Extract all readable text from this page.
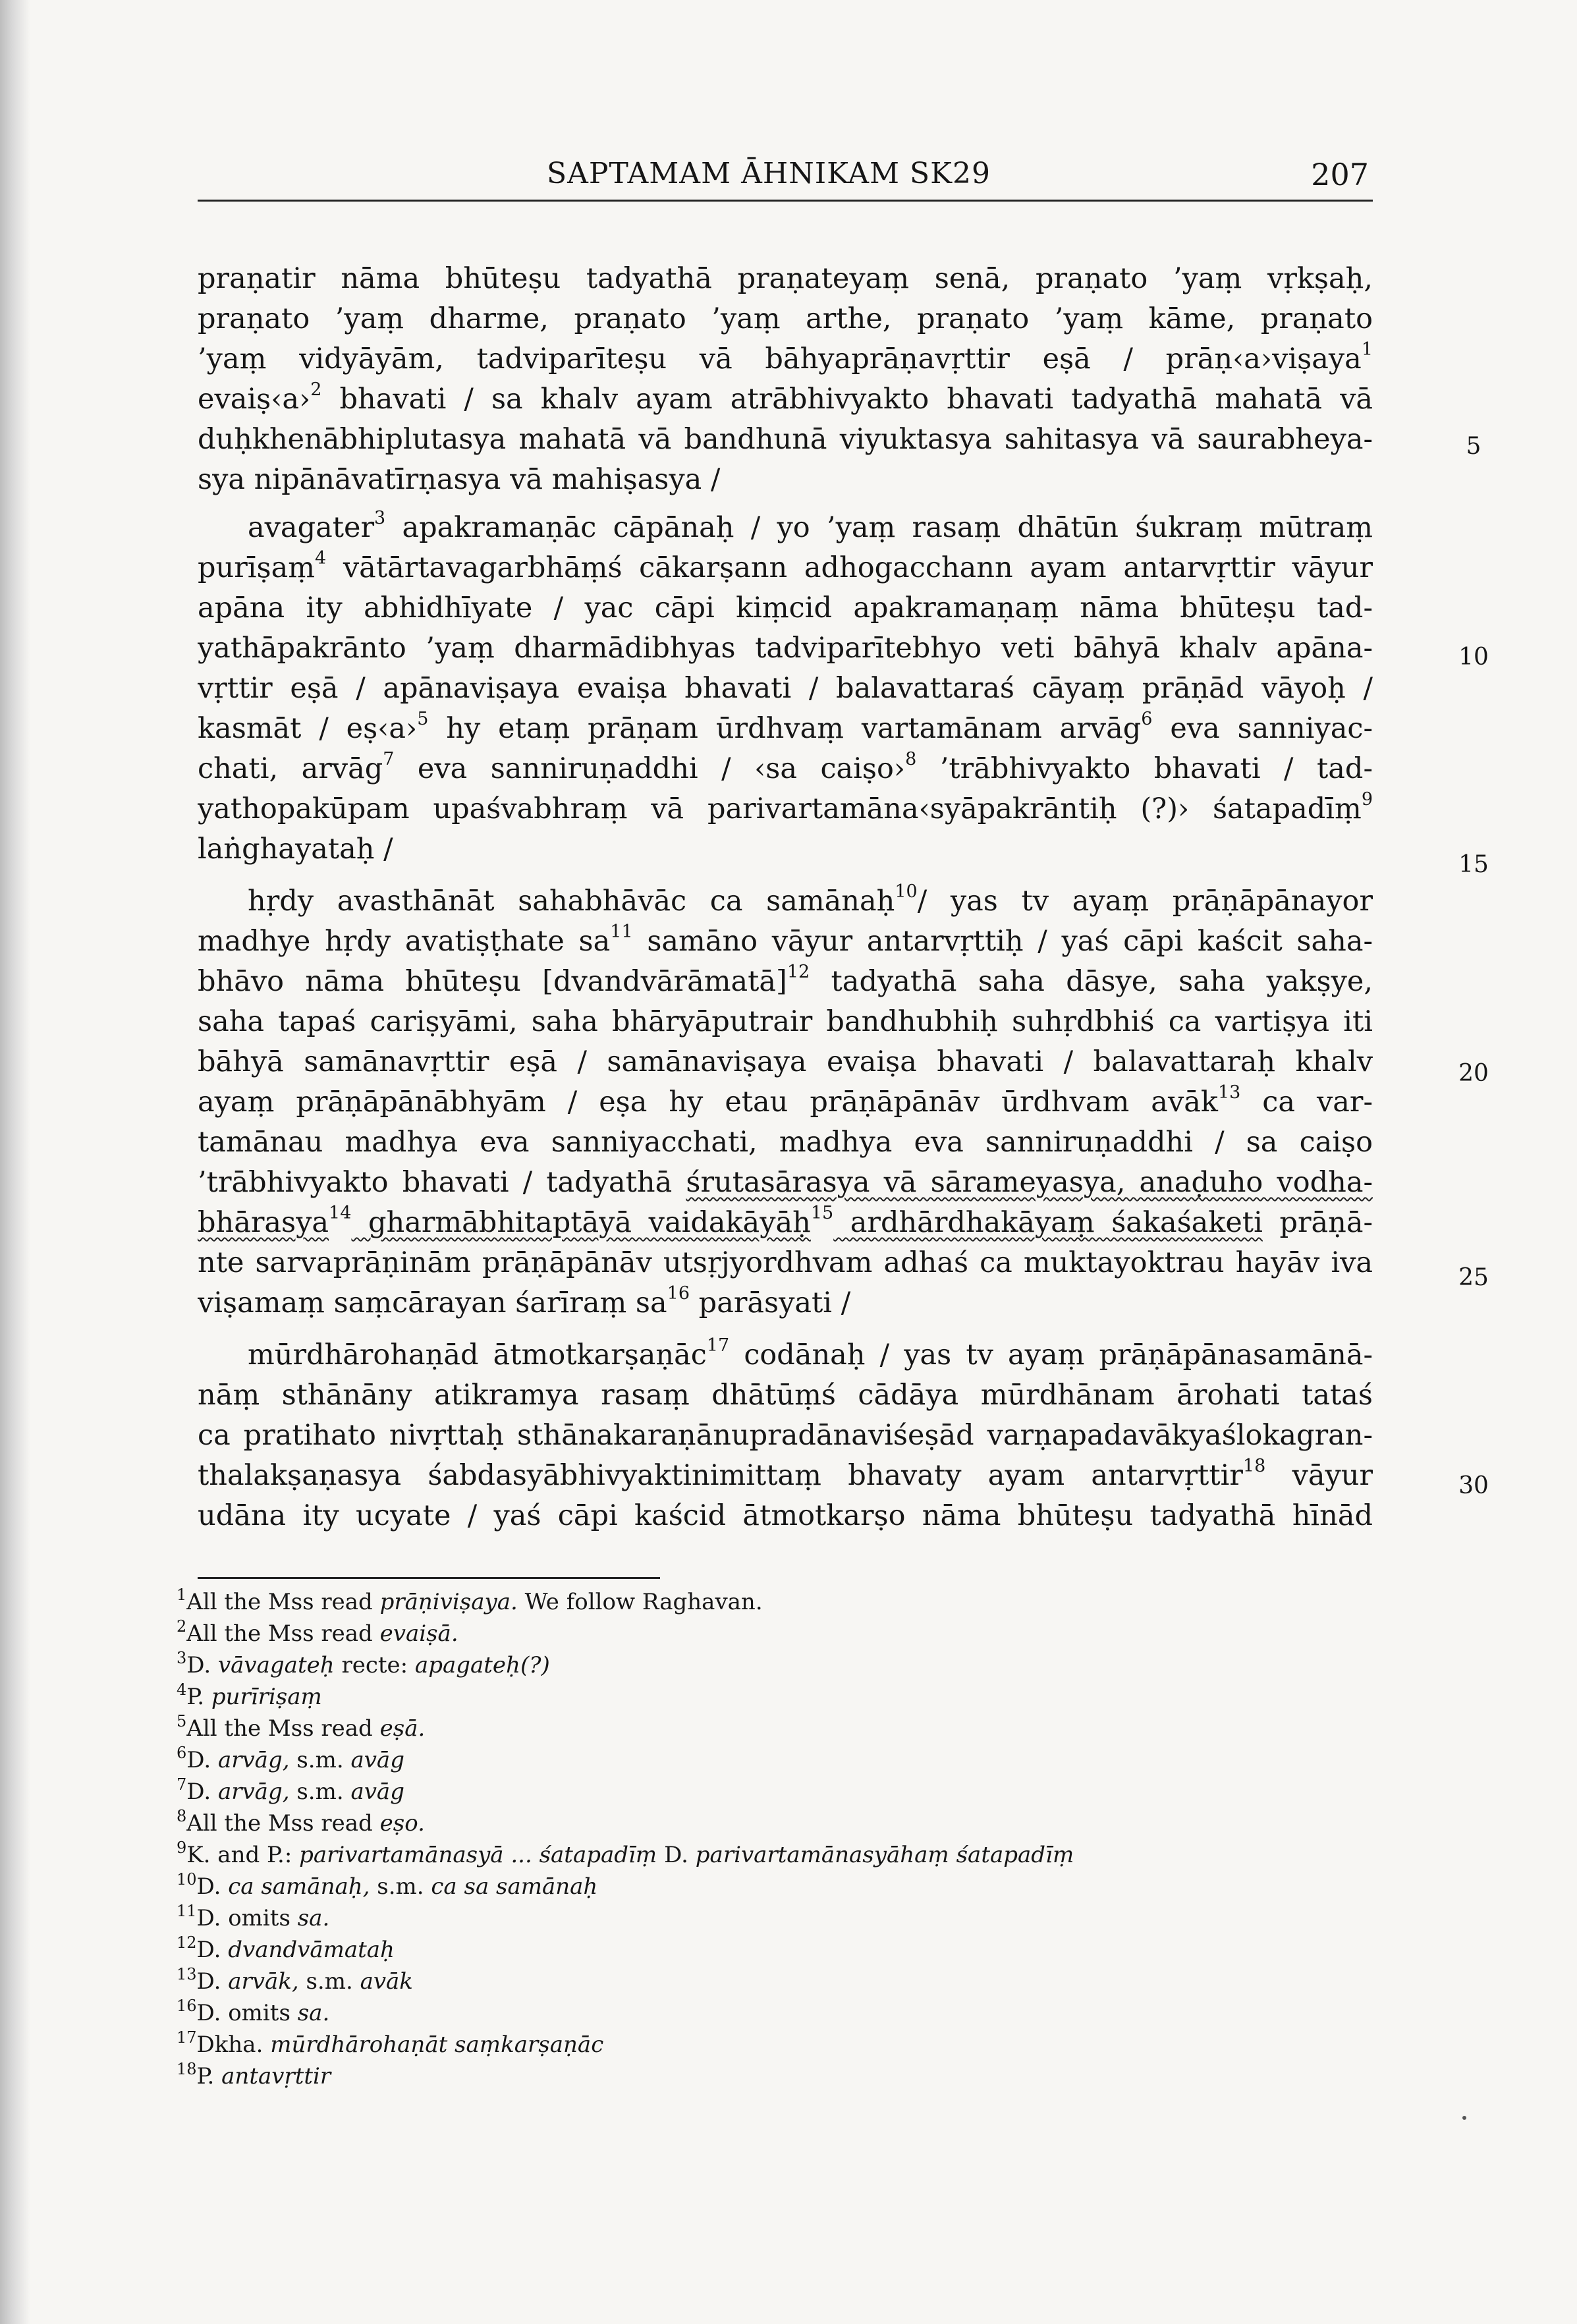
SAPTAMAM ĀHNIKAM SK29	207
praṇatir nāma bhūteṣu tadyathā praṇateyaṃ senā, praṇato ’yaṃ vṛkṣaḥ,
praṇato ’yaṃ dharme, praṇato ’yaṃ arthe, praṇato ’yaṃ kāme, praṇato
’yaṃ vidyāyām, tadviparīteṣu vā bāhyaprāṇavṛttir eṣā / prāṇ‹a›viṣaya$^1$
evaiṣ‹a›$^2$ bhavati / sa khalv ayam atrābhivyakto bhavati tadyathā mahatā vā
duḥkhenābhiplutasya mahatā vā bandhunā viyuktasya sahitasya vā saurabheya-
sya nipānāvatīrṇasya vā mahiṣasya /
avagater$^3$ apakramaṇāc cāpānaḥ / yo ’yaṃ rasaṃ dhātūn śukraṃ mūtraṃ
purīṣaṃ$^4$ vātārtavagarbhāṃś cākarṣann adhogacchann ayam antarvṛttir vāyur
apāna ity abhidhīyate / yac cāpi kiṃcid apakramaṇaṃ nāma bhūteṣu tad-
yathāpakrānto ’yaṃ dharmādibhyas tadviparītebhyo veti bāhyā khalv apāna-
vṛttir eṣā / apānaviṣaya evaiṣa bhavati / balavattaraś cāyaṃ prāṇād vāyoḥ /
kasmāt / eṣ‹a›$^5$ hy etaṃ prāṇam ūrdhvaṃ vartamānam arvāg$^6$ eva sanniyac-
chati, arvāg$^7$ eva sanniruṇaddhi / ‹sa caiṣo›$^8$ ’trābhivyakto bhavati / tad-
yathopakūpam upaśvabhraṃ vā parivartamāna‹syāpakrāntiḥ (?)› śatapadīṃ$^9$
laṅghayataḥ /
hṛdy avasthānāt sahabhāvāc ca samānaḥ$^{10}$/ yas tv ayaṃ prāṇāpānayor
madhye hṛdy avatiṣṭhate $sa^{11}$ samāno vāyur antarvṛttiḥ / yaś cāpi kaścit saha-
bhāvo nāma bhūteṣu [dvandvārāmatā]$^{12}$ tadyathā saha dāsye, saha yakṣye,
saha tapaś cariṣyāmi, saha bhāryāputrair bandhubhiḥ suhṛdbhiś ca vartiṣya iti
bāhyā samānavṛttir eṣā / samānaviṣaya evaiṣa bhavati / balavattaraḥ khalv
ayaṃ prāṇāpānābhyām / eṣa hy etau prāṇāpānāv ūrdhvam avāk$^{13}$ ca var-
tamānau madhya eva sanniyacchati, madhya eva sanniruṇaddhi / sa caiṣo
’trābhivyakto bhavati / tadyathā śrutasārasya vā sārameyasya, anaḍuho vodha-
bhārasya$^{14}$ gharmābhitaptāyā vaidakāyāḥ$^{15}$ ardhārdhakāyaṃ śakaśaketi prāṇā-
nte sarvaprāṇinām prāṇāpānāv utsṛjyordhvam adhaś ca muktayoktrau hayāv iva
viṣamaṃ saṃcārayan śarīraṃ $sa^{16}$ parāsyati /
mūrdhārohaṇād ātmotkarṣaṇāc$^{17}$ codānaḥ / yas tv ayaṃ prāṇāpānasamānā-
nāṃ sthānāny atikramya rasaṃ dhātūṃś cādāya mūrdhānam ārohati tataś
ca pratihato nivṛttaḥ sthānakaraṇānupradānaviśeṣād varṇapadavākyaślokagran-
thalakṣaṇasya śabdasyābhivyaktinimittaṃ bhavaty ayam antarvṛttir$^{18}$ vāyur
udāna ity ucyate / yaś cāpi kaścid ātmotkarṣo nāma bhūteṣu tadyathā hīnād
5
10
15
20
25
30
$^1$All the Mss read prāṇiviṣaya. We follow Raghavan.
$^2$All the Mss read evaiṣā.
$^3$D. vāvagateḥ recte: apagateḥ(?)
$^4$P. purīriṣaṃ
$^5$All the Mss read eṣā.
$^6$D. arvāg, s.m. avāg
$^7$D. arvāg, s.m. avāg
$^8$All the Mss read eṣo.
$^9$K. and P.: parivartamānasyā ... śatapadīṃ D. parivartamānasyāhaṃ śatapadīṃ
$^{10}$D. ca samānaḥ, s.m. ca sa samānaḥ
$^{11}$D. omits sa.
$^{12}$D. dvandvāmataḥ
$^{13}$D. arvāk, s.m. avāk
$^{16}$D. omits sa.
$^{17}$Dkha. mūrdhārohaṇāt saṃkarṣaṇāc
$^{18}$P. antavṛttir
